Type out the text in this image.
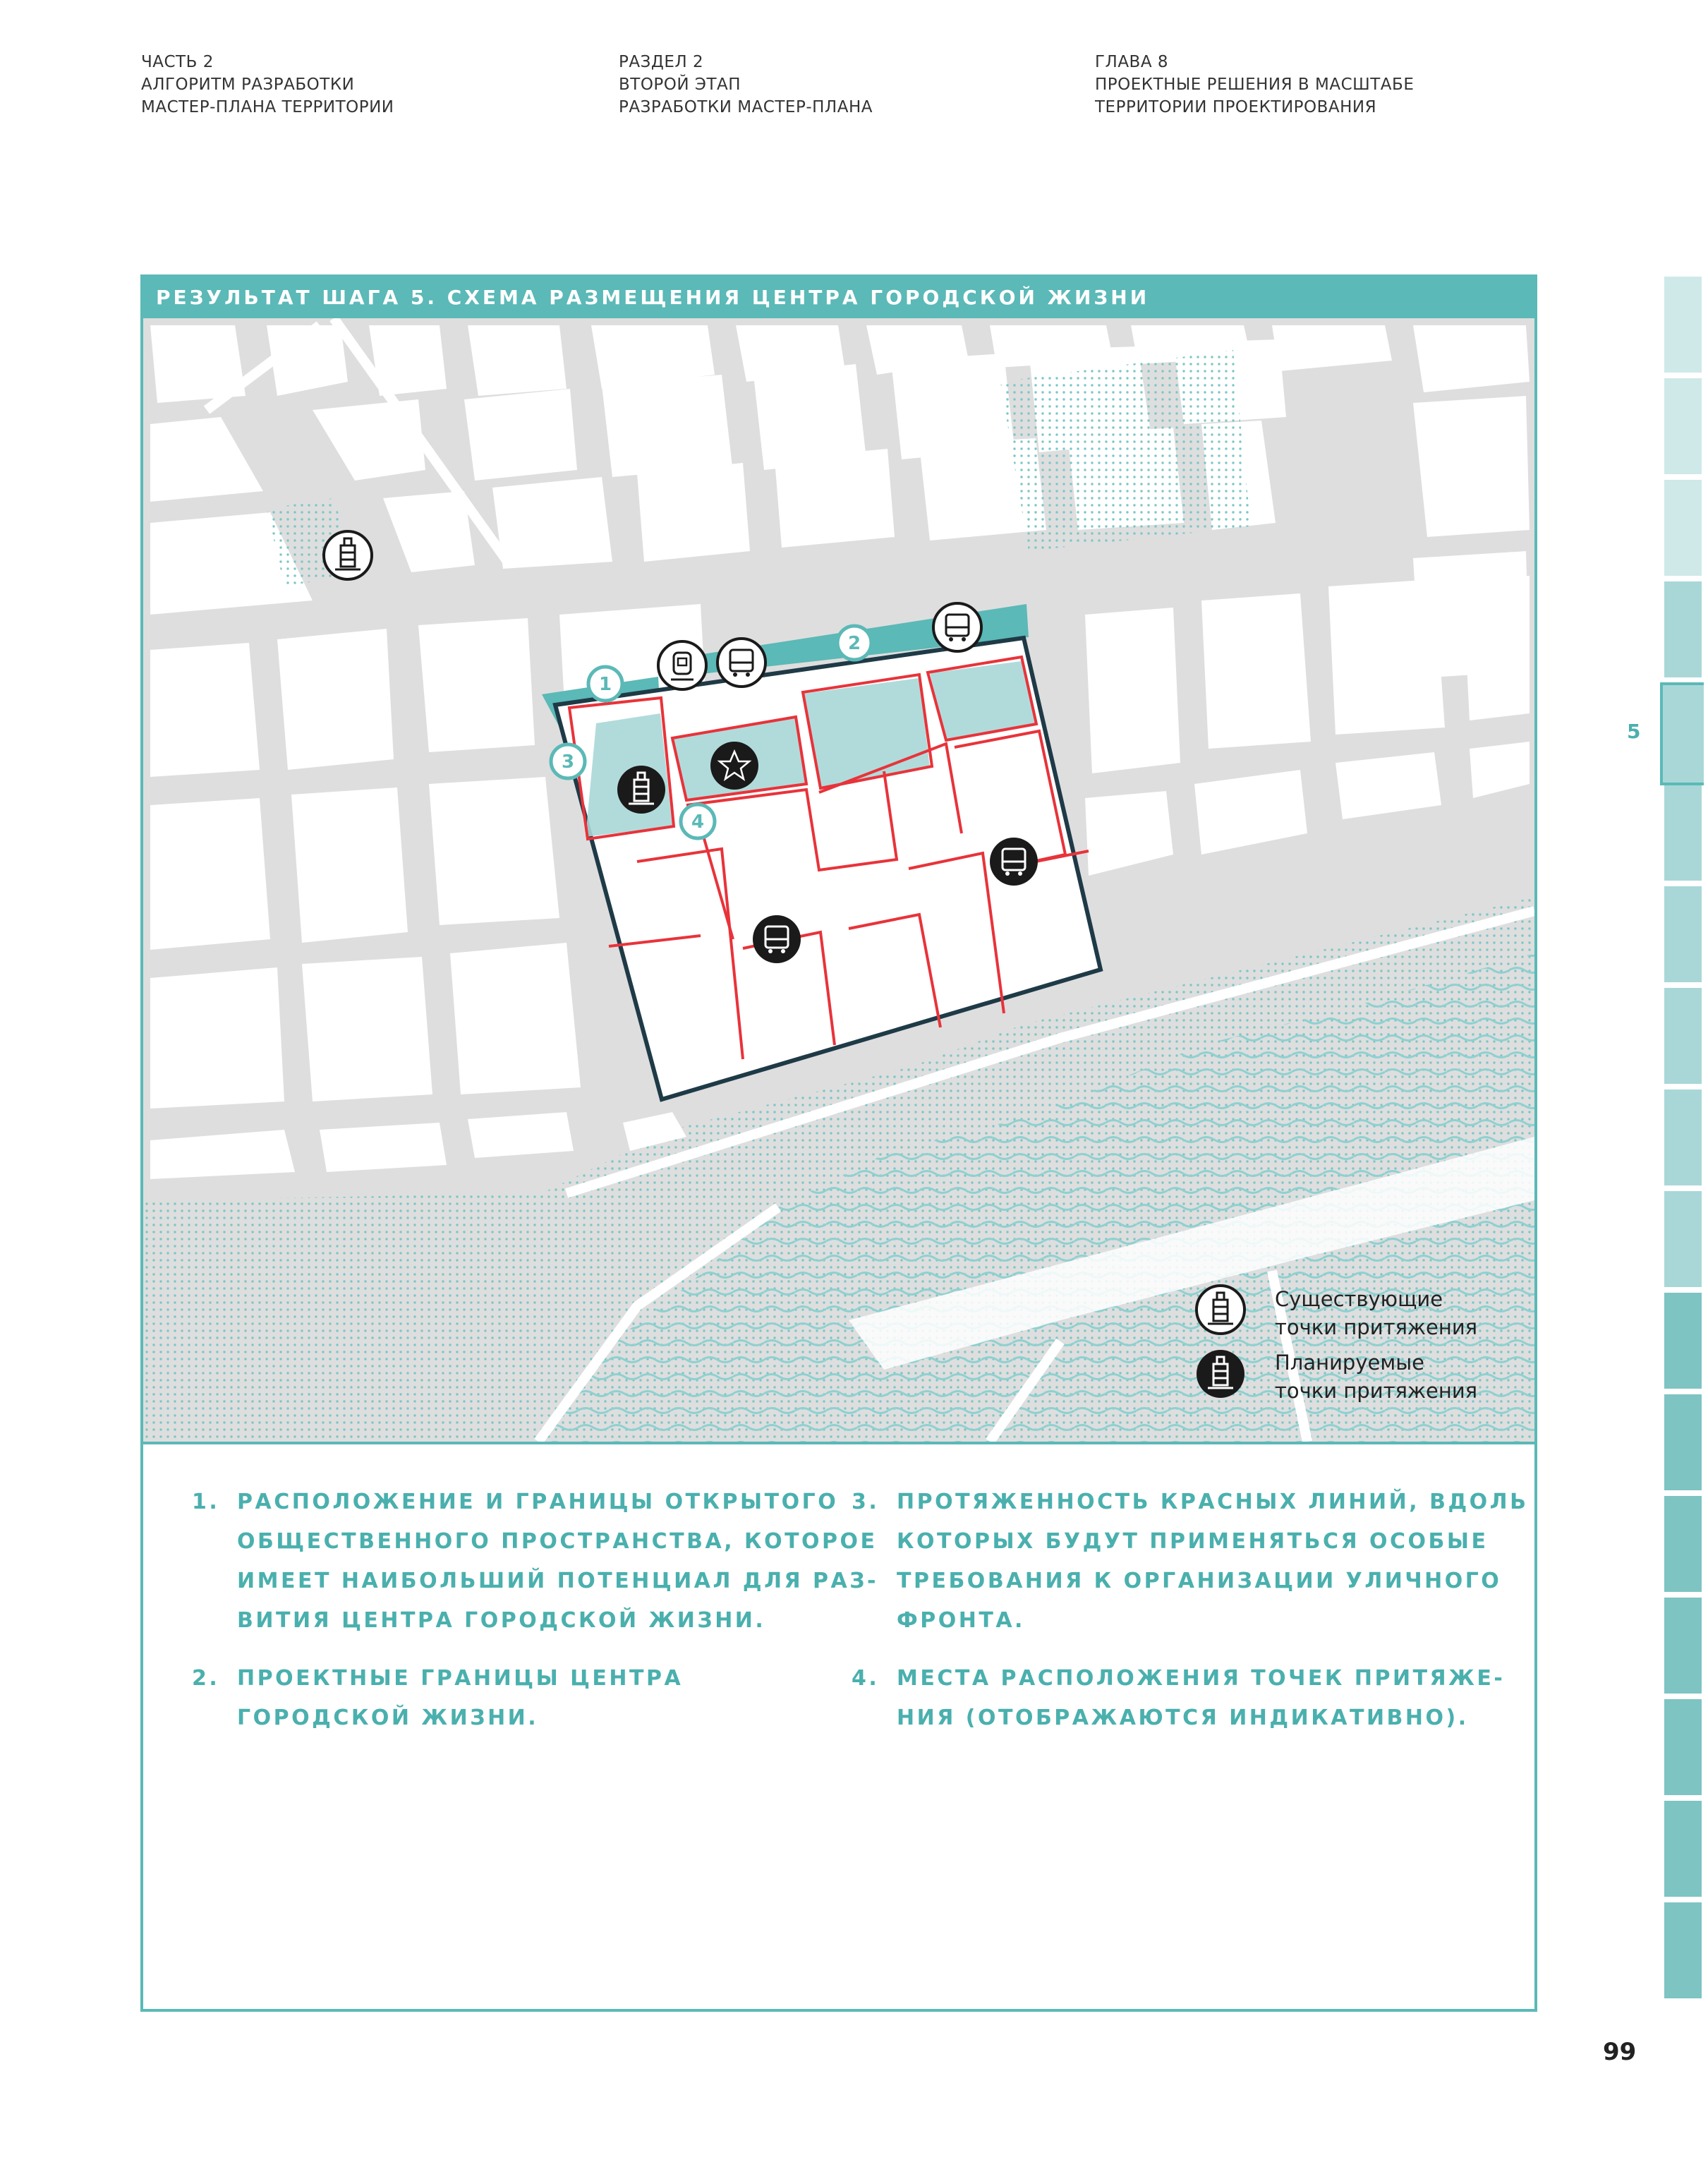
ЧАСТЬ 2
АЛГОРИТМ РАЗРАБОТКИ
МАСТЕР-ПЛАНА ТЕРРИТОРИИ
РАЗДЕЛ 2
ВТОРОЙ ЭТАП
РАЗРАБОТКИ МАСТЕР-ПЛАНА
ГЛАВА 8
ПРОЕКТНЫЕ РЕШЕНИЯ В МАСШТАБЕ
ТЕРРИТОРИИ ПРОЕКТИРОВАНИЯ
РЕЗУЛЬТАТ ШАГА 5. СХЕМА РАЗМЕЩЕНИЯ ЦЕНТРА ГОРОДСКОЙ ЖИЗНИ
1
2
3
4
Существующие
точки притяжения
Планируемые
точки притяжения
1. РАСПОЛОЖЕНИЕ И ГРАНИЦЫ ОТКРЫТОГО
ОБЩЕСТВЕННОГО ПРОСТРАНСТВА, КОТОРОЕ
ИМЕЕТ НАИБОЛЬШИЙ ПОТЕНЦИАЛ ДЛЯ РАЗ-
ВИТИЯ ЦЕНТРА ГОРОДСКОЙ ЖИЗНИ.
2. ПРОЕКТНЫЕ ГРАНИЦЫ ЦЕНТРА
ГОРОДСКОЙ ЖИЗНИ.
3. ПРОТЯЖЕННОСТЬ КРАСНЫХ ЛИНИЙ, ВДОЛЬ
КОТОРЫХ БУДУТ ПРИМЕНЯТЬСЯ ОСОБЫЕ
ТРЕБОВАНИЯ К ОРГАНИЗАЦИИ УЛИЧНОГО
ФРОНТА.
4. МЕСТА РАСПОЛОЖЕНИЯ ТОЧЕК ПРИТЯЖЕ-
НИЯ (ОТОБРАЖАЮТСЯ ИНДИКАТИВНО).
5
99
